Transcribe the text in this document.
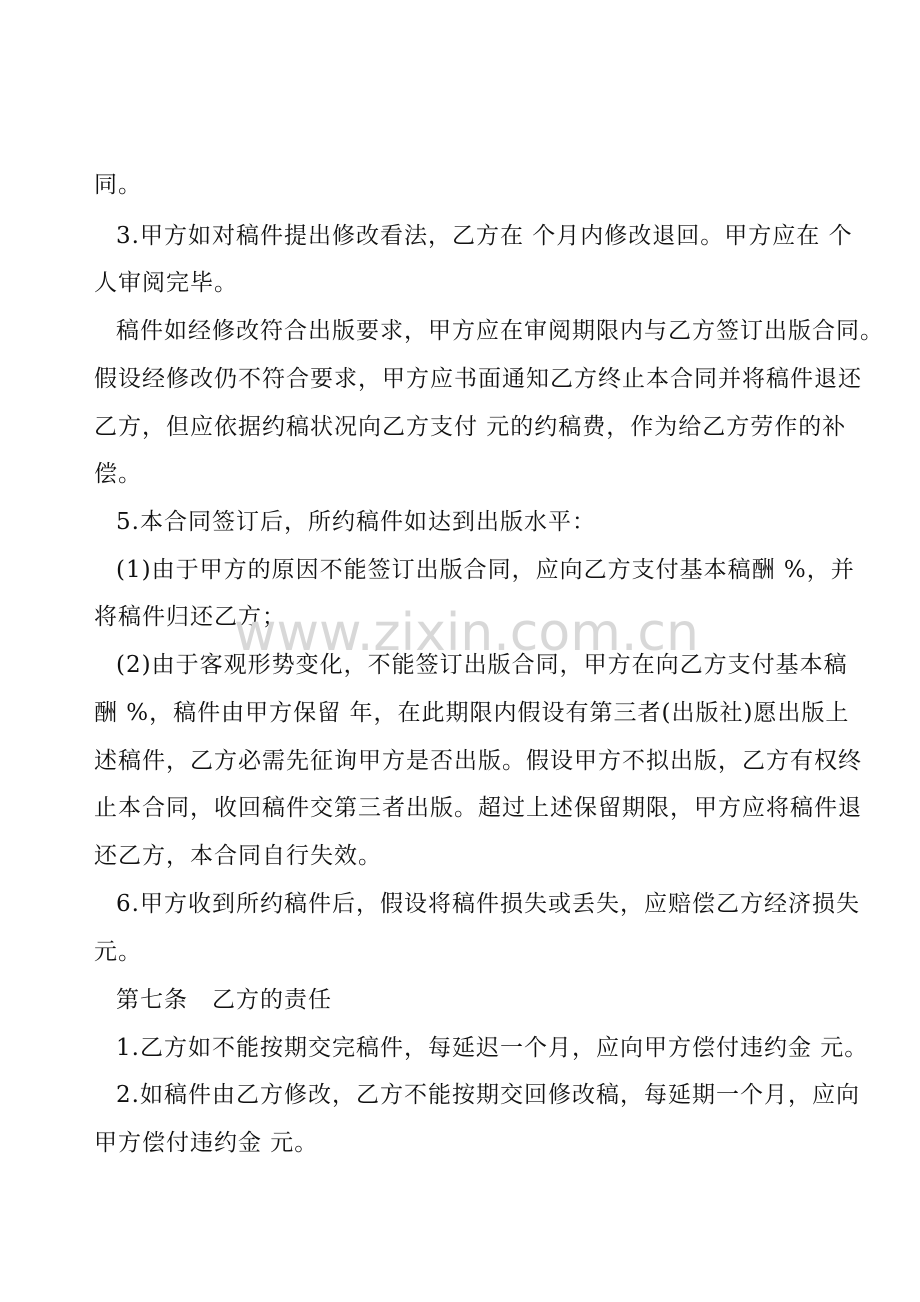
同。
3.甲方如对稿件提出修改看法，乙方在 个月内修改退回。甲方应在 个
人审阅完毕。
稿件如经修改符合出版要求，甲方应在审阅期限内与乙方签订出版合同。
假设经修改仍不符合要求，甲方应书面通知乙方终止本合同并将稿件退还
乙方，但应依据约稿状况向乙方支付 元的约稿费，作为给乙方劳作的补
偿。
5.本合同签订后，所约稿件如达到出版水平：
(1)由于甲方的原因不能签订出版合同，应向乙方支付基本稿酬 %，并
将稿件归还乙方；
(2)由于客观形势变化，不能签订出版合同，甲方在向乙方支付基本稿
酬 %，稿件由甲方保留 年，在此期限内假设有第三者(出版社)愿出版上
述稿件，乙方必需先征询甲方是否出版。假设甲方不拟出版，乙方有权终
止本合同，收回稿件交第三者出版。超过上述保留期限，甲方应将稿件退
还乙方，本合同自行失效。
6.甲方收到所约稿件后，假设将稿件损失或丢失，应赔偿乙方经济损失
元。
第七条　乙方的责任
1.乙方如不能按期交完稿件，每延迟一个月，应向甲方偿付违约金 元。
2.如稿件由乙方修改，乙方不能按期交回修改稿，每延期一个月，应向
甲方偿付违约金 元。
www.zixin.com.cn
